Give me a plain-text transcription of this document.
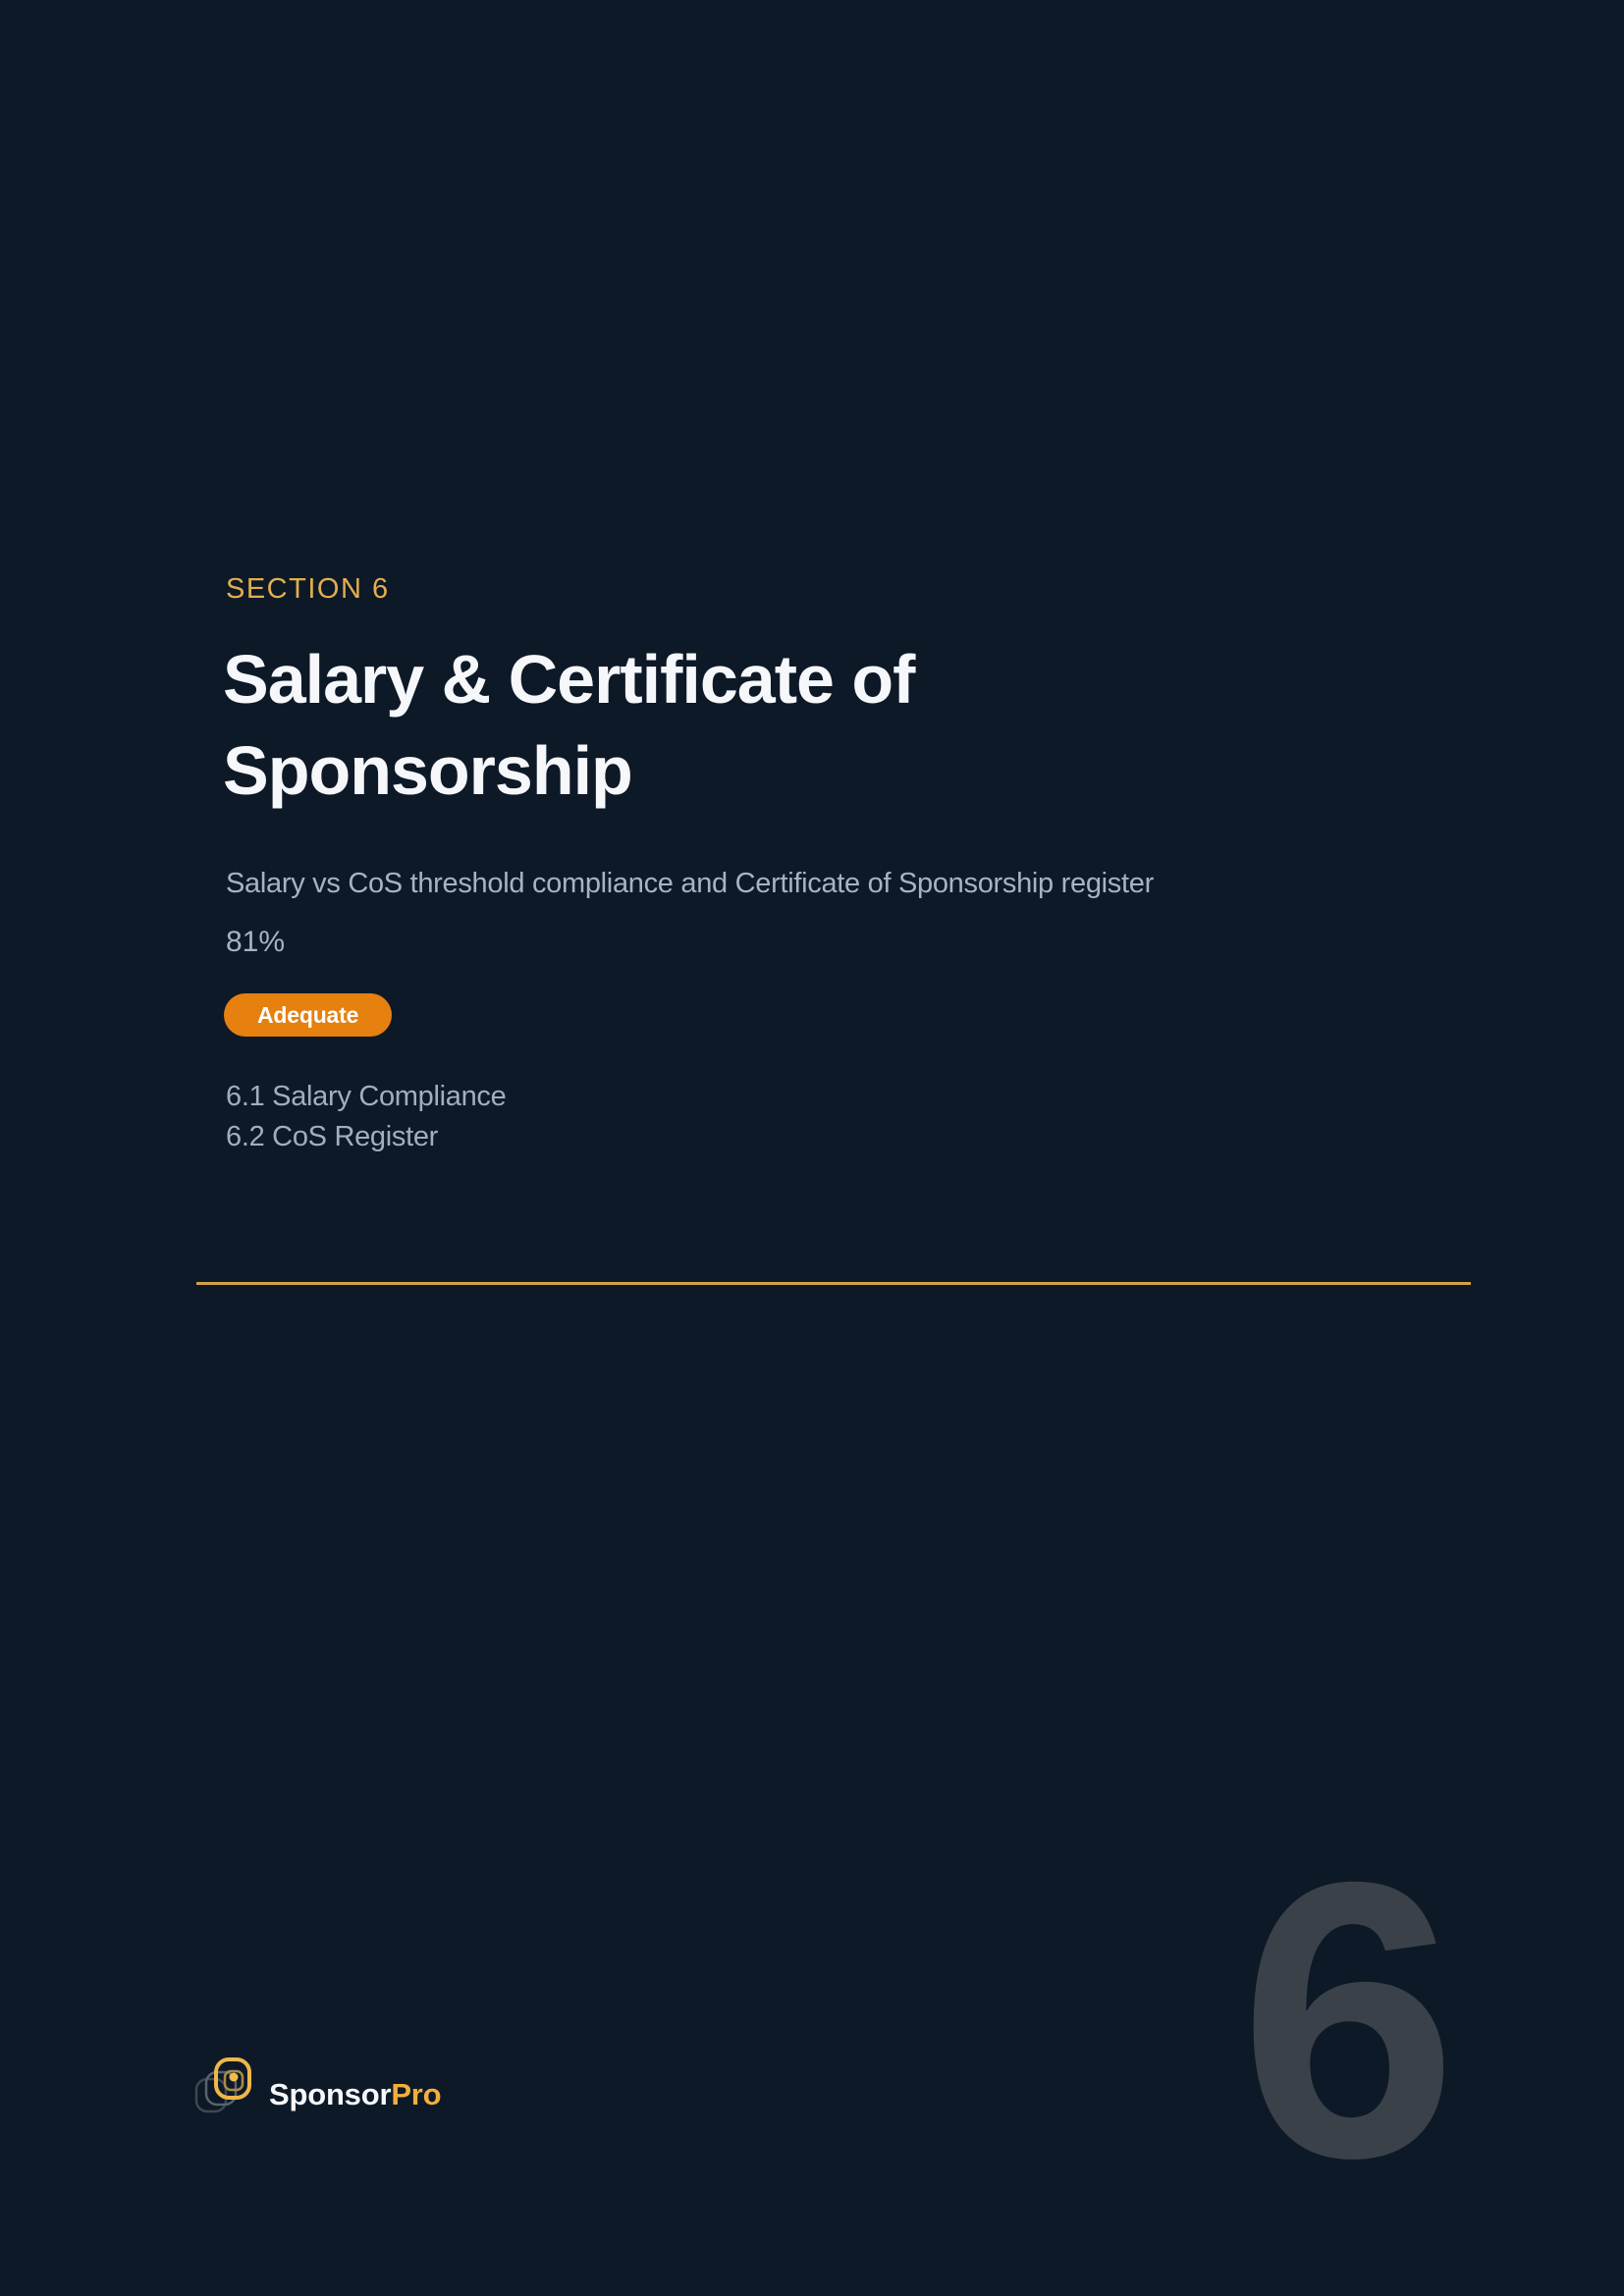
6
SECTION 6
Salary & Certificate of Sponsorship
Salary vs CoS threshold compliance and Certificate of Sponsorship register
81%
Adequate
6.1 Salary Compliance
6.2 CoS Register
SponsorPro
